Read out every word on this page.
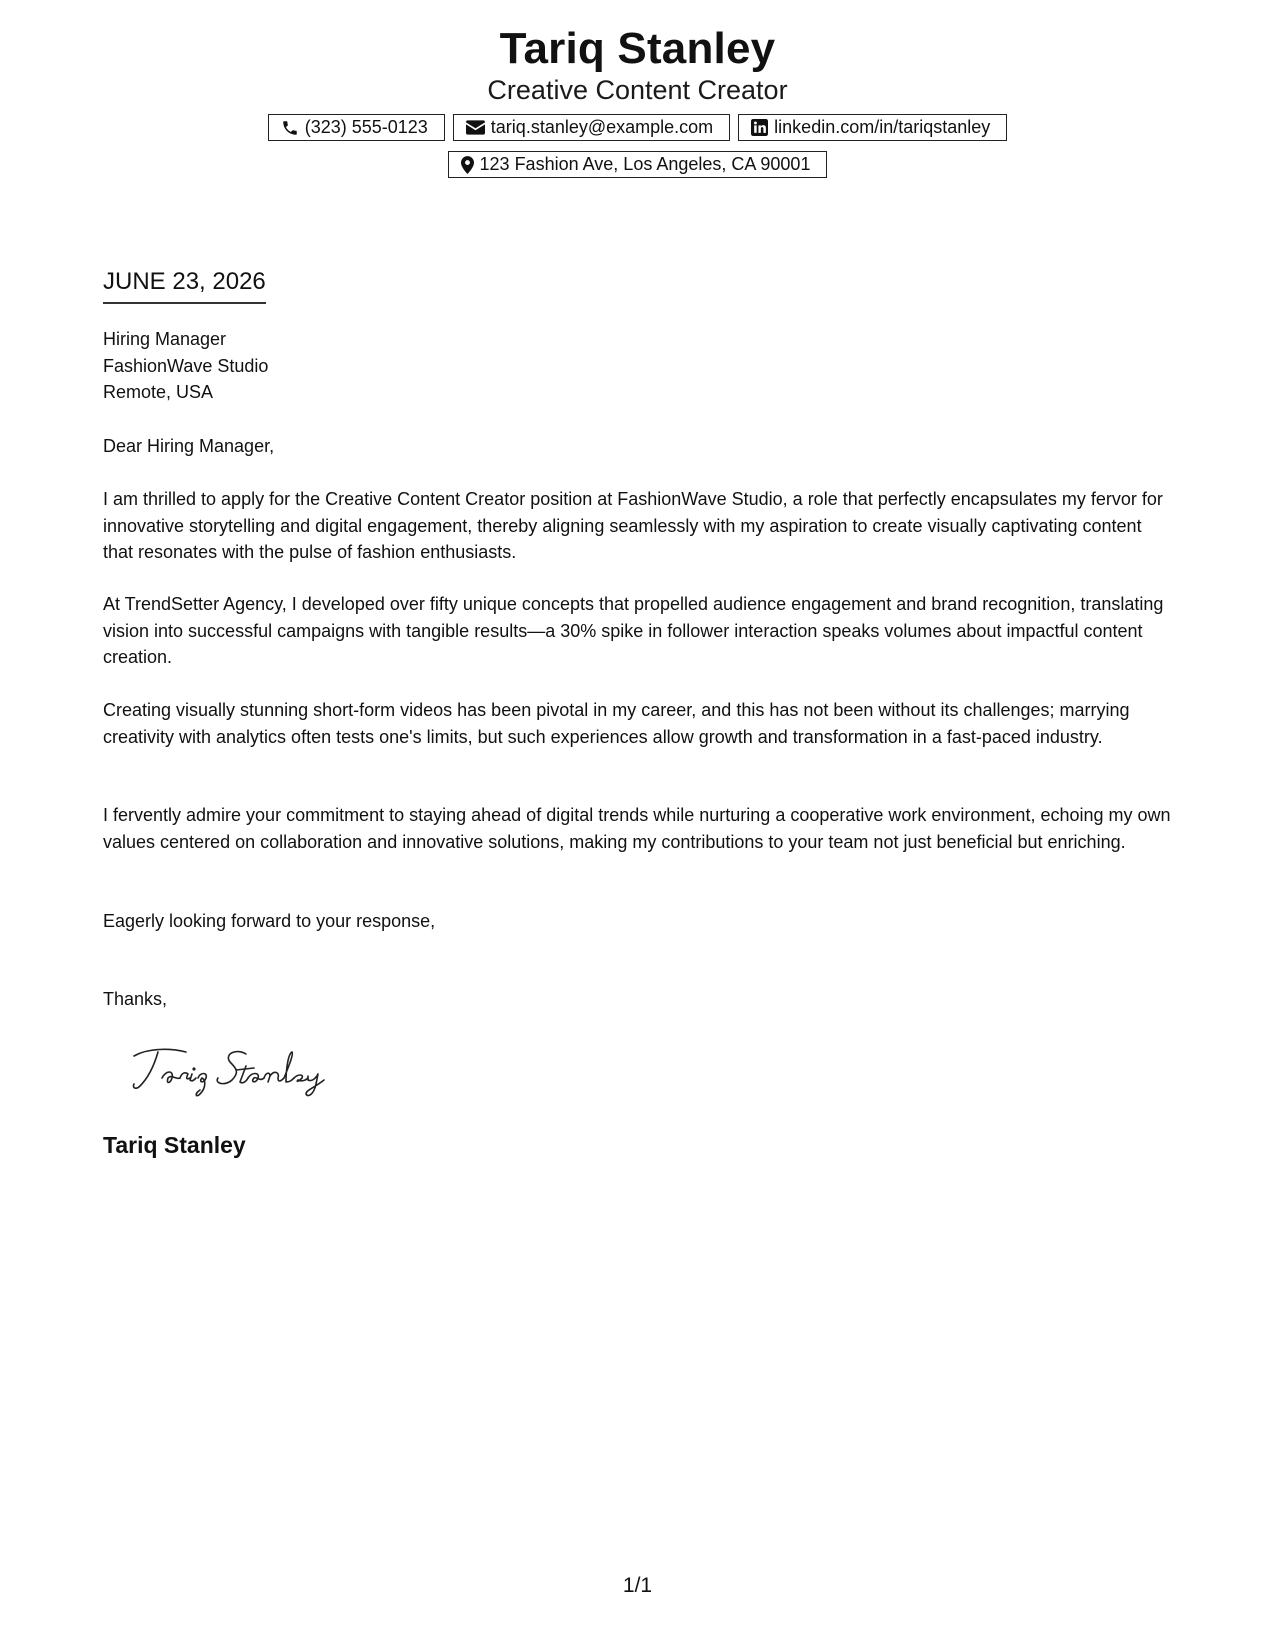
Tariq Stanley
Creative Content Creator
(323) 555-0123	tariq.stanley@example.com	linkedin.com/in/tariqstanley
123 Fashion Ave, Los Angeles, CA 90001
JUNE 23, 2026
Hiring Manager
FashionWave Studio
Remote, USA
Dear Hiring Manager,
I am thrilled to apply for the Creative Content Creator position at FashionWave Studio, a role that perfectly encapsulates my fervor for innovative storytelling and digital engagement, thereby aligning seamlessly with my aspiration to create visually captivating content that resonates with the pulse of fashion enthusiasts.
At TrendSetter Agency, I developed over fifty unique concepts that propelled audience engagement and brand recognition, translating vision into successful campaigns with tangible results—a 30% spike in follower interaction speaks volumes about impactful content creation.
Creating visually stunning short-form videos has been pivotal in my career, and this has not been without its challenges; marrying creativity with analytics often tests one's limits, but such experiences allow growth and transformation in a fast-paced industry.
I fervently admire your commitment to staying ahead of digital trends while nurturing a cooperative work environment, echoing my own values centered on collaboration and innovative solutions, making my contributions to your team not just beneficial but enriching.
Eagerly looking forward to your response,
Thanks,
Tariq Stanley
1/1
